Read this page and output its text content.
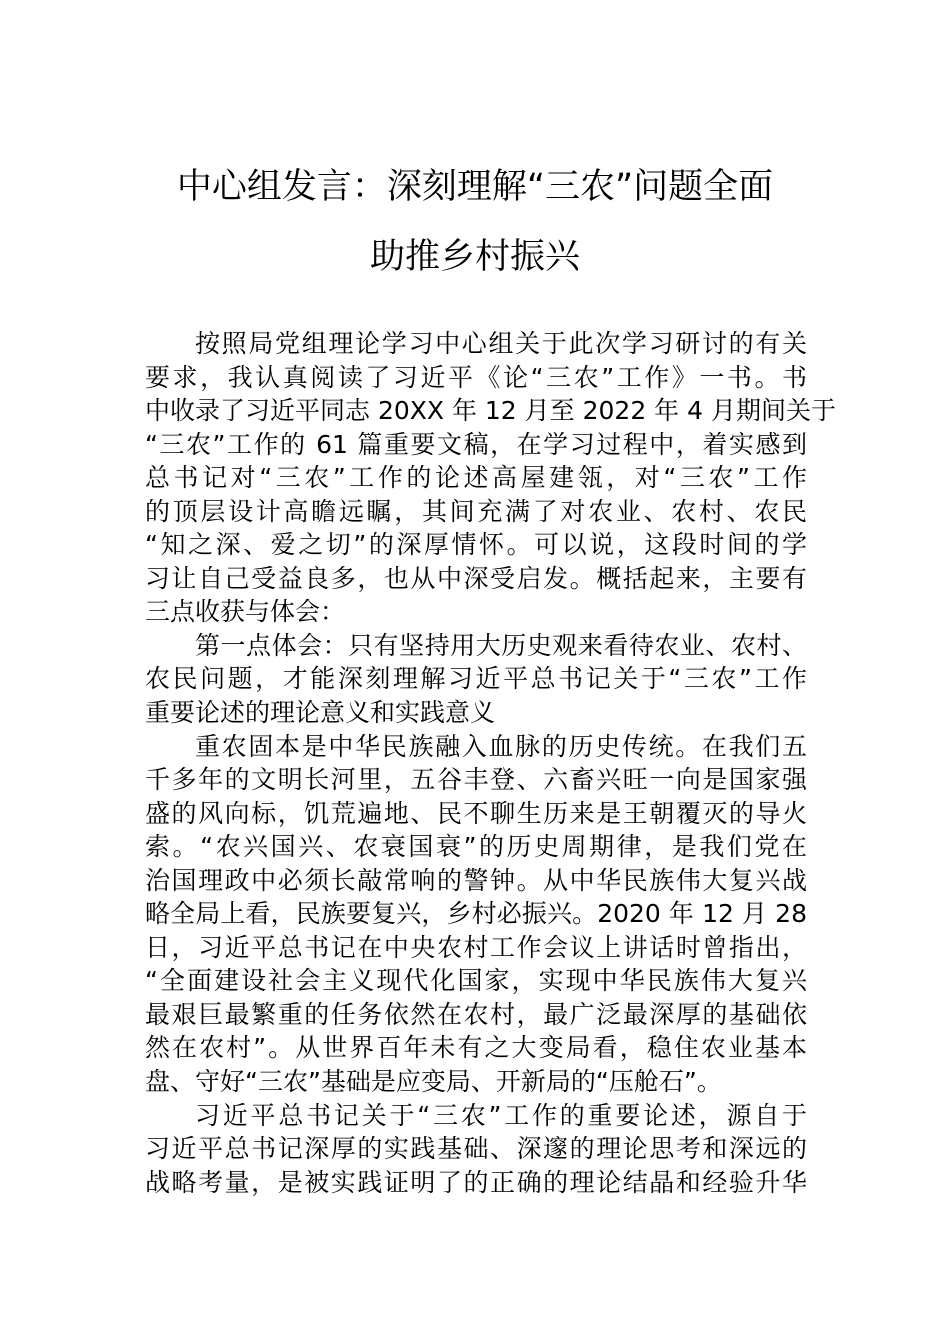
中心组发言：深刻理解“三农”问题全面
助推乡村振兴
按照局党组理论学习中心组关于此次学习研讨的有关
要求，我认真阅读了习近平《论“三农”工作》一书。书
中收录了习近平同志 20XX 年 12 月至 2022 年 4 月期间关于
“三农”工作的 61 篇重要文稿，在学习过程中，着实感到
总书记对“三农”工作的论述高屋建瓴，对“三农”工作
的顶层设计高瞻远瞩，其间充满了对农业、农村、农民
“知之深、爱之切”的深厚情怀。可以说，这段时间的学
习让自己受益良多，也从中深受启发。概括起来，主要有
三点收获与体会：
第一点体会：只有坚持用大历史观来看待农业、农村、
农民问题，才能深刻理解习近平总书记关于“三农”工作
重要论述的理论意义和实践意义
重农固本是中华民族融入血脉的历史传统。在我们五
千多年的文明长河里，五谷丰登、六畜兴旺一向是国家强
盛的风向标，饥荒遍地、民不聊生历来是王朝覆灭的导火
索。“农兴国兴、农衰国衰”的历史周期律，是我们党在
治国理政中必须长敲常响的警钟。从中华民族伟大复兴战
略全局上看，民族要复兴，乡村必振兴。2020 年 12 月 28
日，习近平总书记在中央农村工作会议上讲话时曾指出，
“全面建设社会主义现代化国家，实现中华民族伟大复兴
最艰巨最繁重的任务依然在农村，最广泛最深厚的基础依
然在农村”。从世界百年未有之大变局看，稳住农业基本
盘、守好“三农”基础是应变局、开新局的“压舱石”。
习近平总书记关于“三农”工作的重要论述，源自于
习近平总书记深厚的实践基础、深邃的理论思考和深远的
战略考量，是被实践证明了的正确的理论结晶和经验升华
